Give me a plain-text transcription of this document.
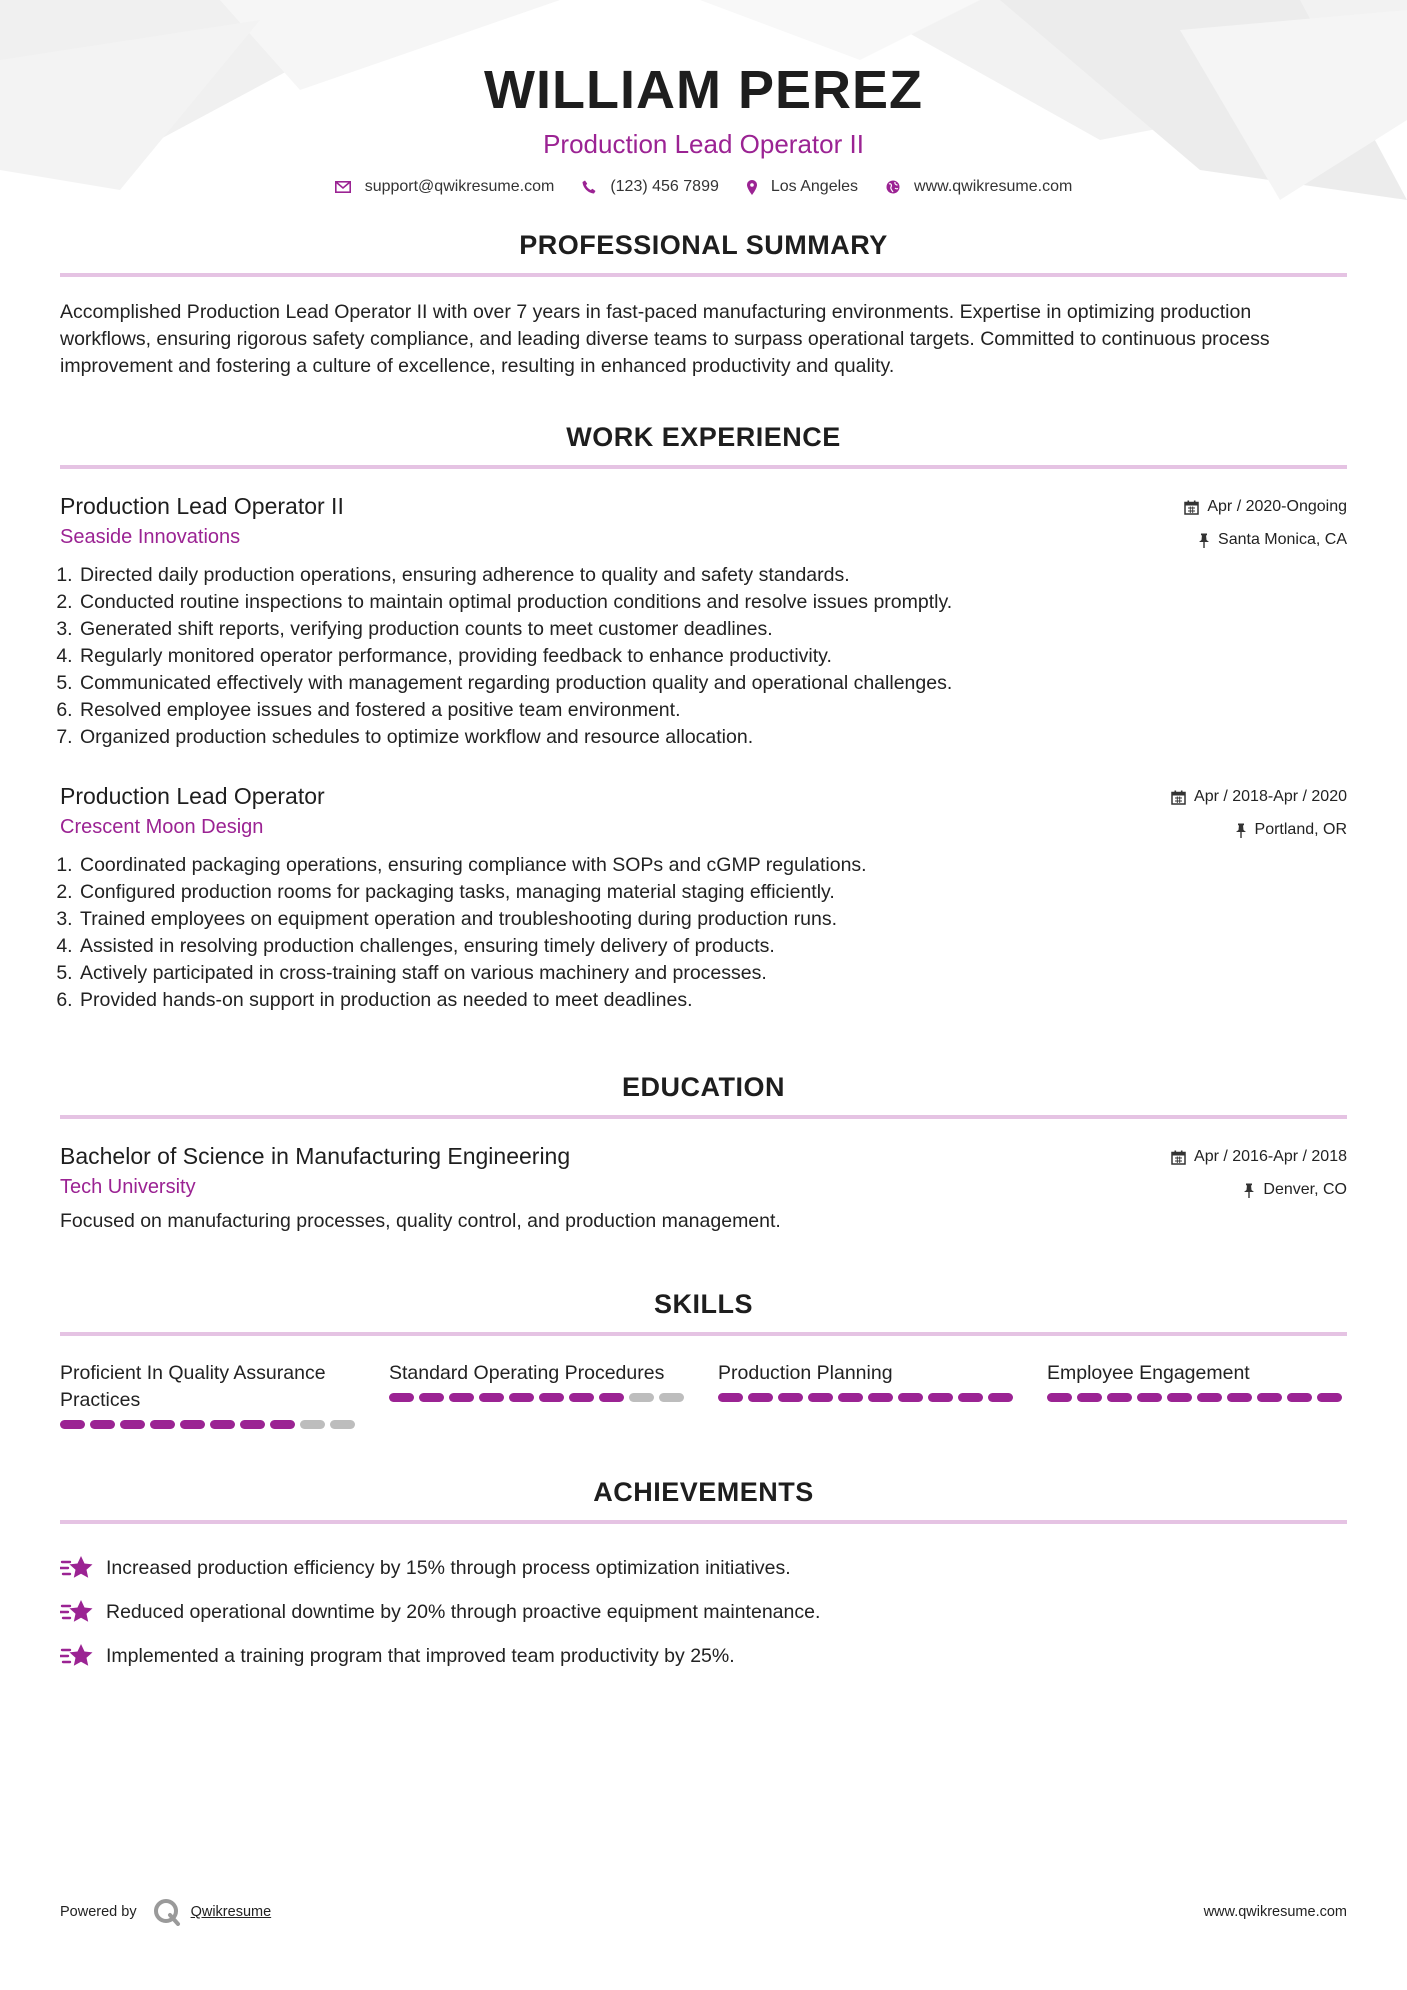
WILLIAM PEREZ
Production Lead Operator II
support@qwikresume.com	(123) 456 7899	Los Angeles	www.qwikresume.com
PROFESSIONAL SUMMARY
Accomplished Production Lead Operator II with over 7 years in fast-paced manufacturing environments. Expertise in optimizing production workflows, ensuring rigorous safety compliance, and leading diverse teams to surpass operational targets. Committed to continuous process improvement and fostering a culture of excellence, resulting in enhanced productivity and quality.
WORK EXPERIENCE
Production Lead Operator II
Seaside Innovations
Apr / 2020-Ongoing
Santa Monica, CA
1. Directed daily production operations, ensuring adherence to quality and safety standards.
2. Conducted routine inspections to maintain optimal production conditions and resolve issues promptly.
3. Generated shift reports, verifying production counts to meet customer deadlines.
4. Regularly monitored operator performance, providing feedback to enhance productivity.
5. Communicated effectively with management regarding production quality and operational challenges.
6. Resolved employee issues and fostered a positive team environment.
7. Organized production schedules to optimize workflow and resource allocation.
Production Lead Operator
Crescent Moon Design
Apr / 2018-Apr / 2020
Portland, OR
1. Coordinated packaging operations, ensuring compliance with SOPs and cGMP regulations.
2. Configured production rooms for packaging tasks, managing material staging efficiently.
3. Trained employees on equipment operation and troubleshooting during production runs.
4. Assisted in resolving production challenges, ensuring timely delivery of products.
5. Actively participated in cross-training staff on various machinery and processes.
6. Provided hands-on support in production as needed to meet deadlines.
EDUCATION
Bachelor of Science in Manufacturing Engineering
Tech University
Apr / 2016-Apr / 2018
Denver, CO
Focused on manufacturing processes, quality control, and production management.
SKILLS
Proficient In Quality Assurance Practices
Standard Operating Procedures	Production Planning	Employee Engagement
ACHIEVEMENTS
Increased production efficiency by 15% through process optimization initiatives.
Reduced operational downtime by 20% through proactive equipment maintenance.
Implemented a training program that improved team productivity by 25%.
Powered by	Qwikresume	www.qwikresume.com
